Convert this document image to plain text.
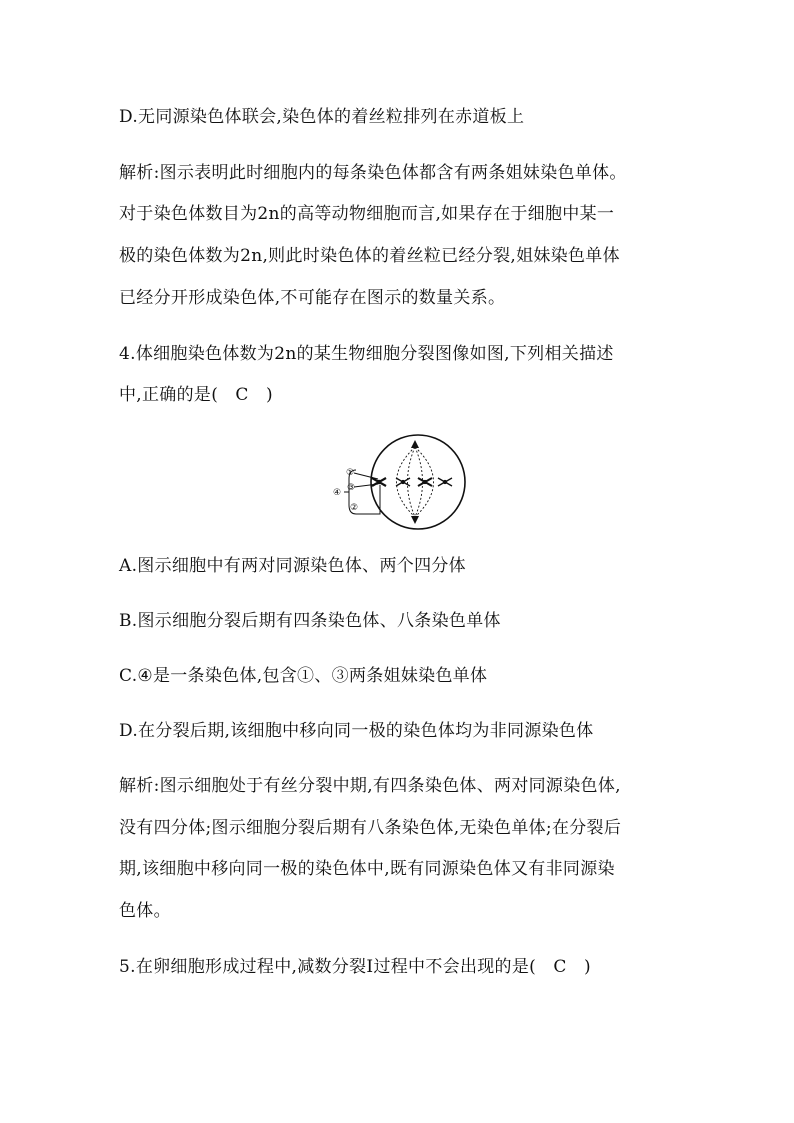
D.无同源染色体联会,染色体的着丝粒排列在赤道板上
解析:图示表明此时细胞内的每条染色体都含有两条姐妹染色单体。
对于染色体数目为2n的高等动物细胞而言,如果存在于细胞中某一
极的染色体数为2n,则此时染色体的着丝粒已经分裂,姐妹染色单体
已经分开形成染色体,不可能存在图示的数量关系。
4.体细胞染色体数为2n的某生物细胞分裂图像如图,下列相关描述
中,正确的是(　C　)
①
③
④
②
A.图示细胞中有两对同源染色体、两个四分体
B.图示细胞分裂后期有四条染色体、八条染色单体
C.④是一条染色体,包含①、③两条姐妹染色单体
D.在分裂后期,该细胞中移向同一极的染色体均为非同源染色体
解析:图示细胞处于有丝分裂中期,有四条染色体、两对同源染色体,
没有四分体;图示细胞分裂后期有八条染色体,无染色单体;在分裂后
期,该细胞中移向同一极的染色体中,既有同源染色体又有非同源染
色体。
5.在卵细胞形成过程中,减数分裂Ⅰ过程中不会出现的是(　C　)
